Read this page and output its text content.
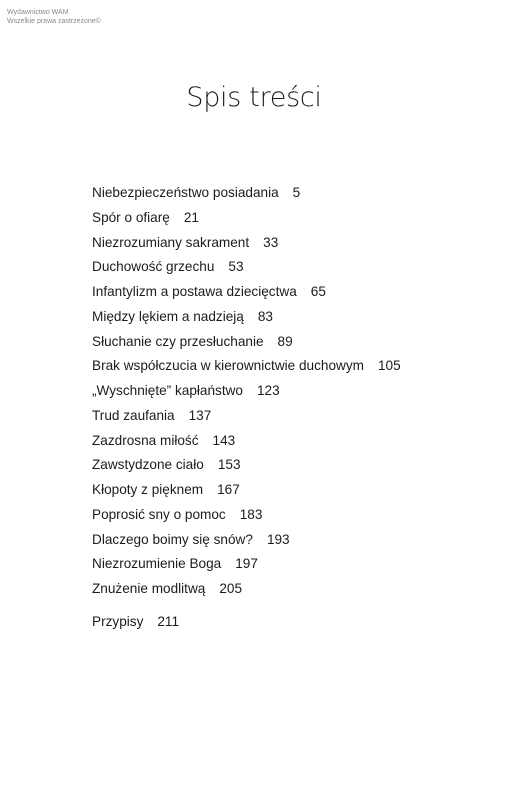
Wydawnictwo WAM
Wszelkie prawa zastrzeżone©
Spis treści
Niebezpieczeństwo posiadania 5
Spór o ofiarę 21
Niezrozumiany sakrament 33
Duchowość grzechu 53
Infantylizm a postawa dziecięctwa 65
Między lękiem a nadzieją 83
Słuchanie czy przesłuchanie 89
Brak współczucia w kierownictwie duchowym 105
„Wyschnięte” kapłaństwo 123
Trud zaufania 137
Zazdrosna miłość 143
Zawstydzone ciało 153
Kłopoty z pięknem 167
Poprosić sny o pomoc 183
Dlaczego boimy się snów? 193
Niezrozumienie Boga 197
Znużenie modlitwą 205
Przypisy 211
